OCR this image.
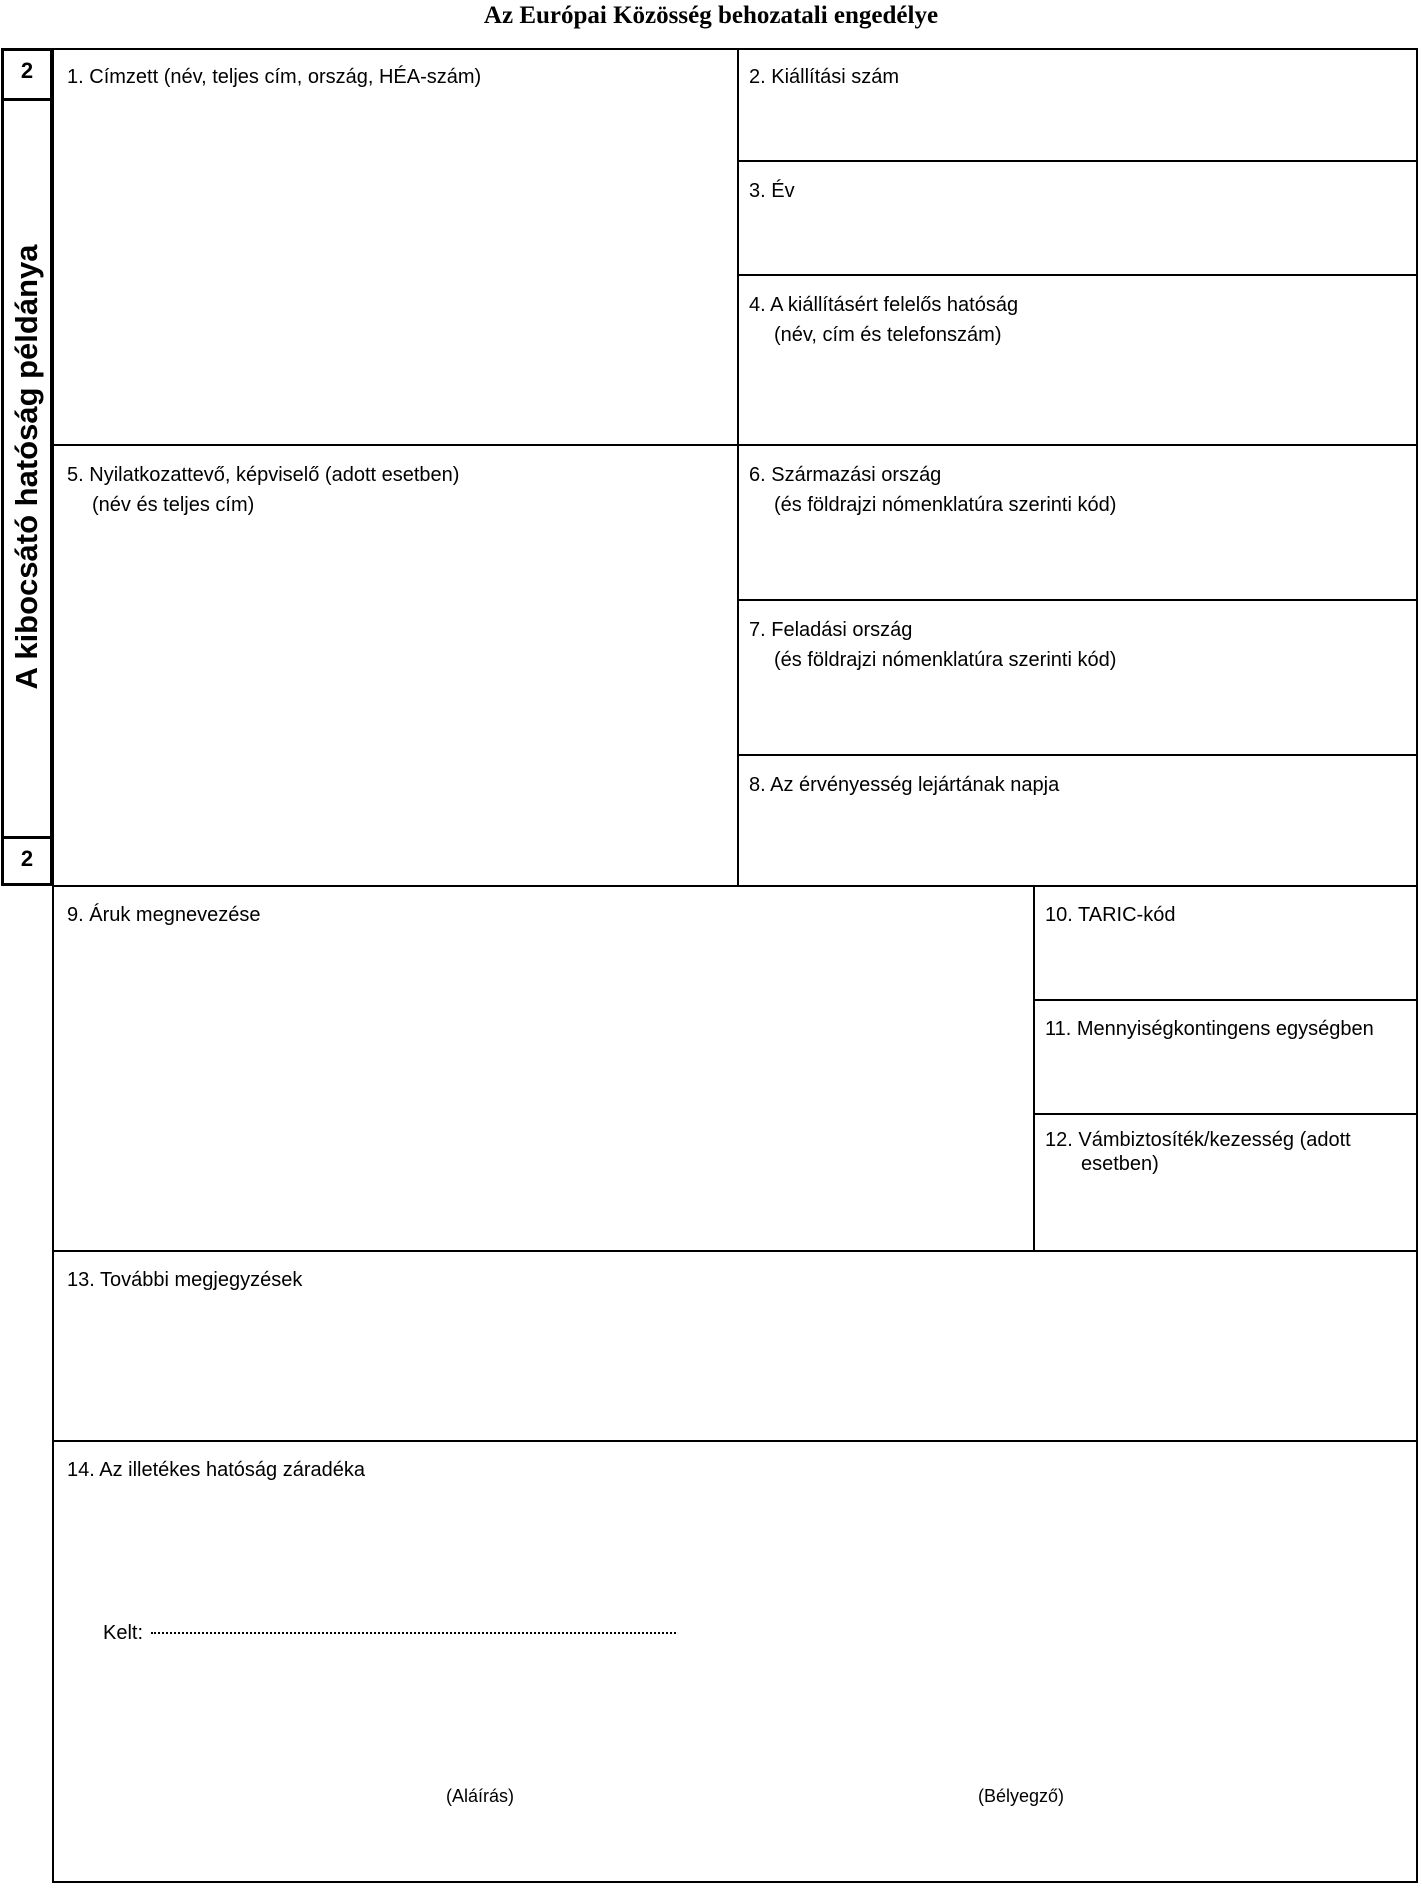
Az Európai Közösség behozatali engedélye
2
A kibocsátó hatóság példánya
2
1. Címzett (név, teljes cím, ország, HÉA-szám)	2. Kiállítási szám
3. Év
4. A kiállításért felelős hatóság
(név, cím és telefonszám)
5. Nyilatkozattevő, képviselő (adott esetben)
(név és teljes cím)
6. Származási ország
(és földrajzi nómenklatúra szerinti kód)
7. Feladási ország
(és földrajzi nómenklatúra szerinti kód)
8. Az érvényesség lejártának napja
9. Áruk megnevezése	10. TARIC-kód
11. Mennyiségkontingens egységben
12. Vámbiztosíték/kezesség (adott
esetben)
13. További megjegyzések
14. Az illetékes hatóság záradéka
Kelt:
(Aláírás)	(Bélyegző)
